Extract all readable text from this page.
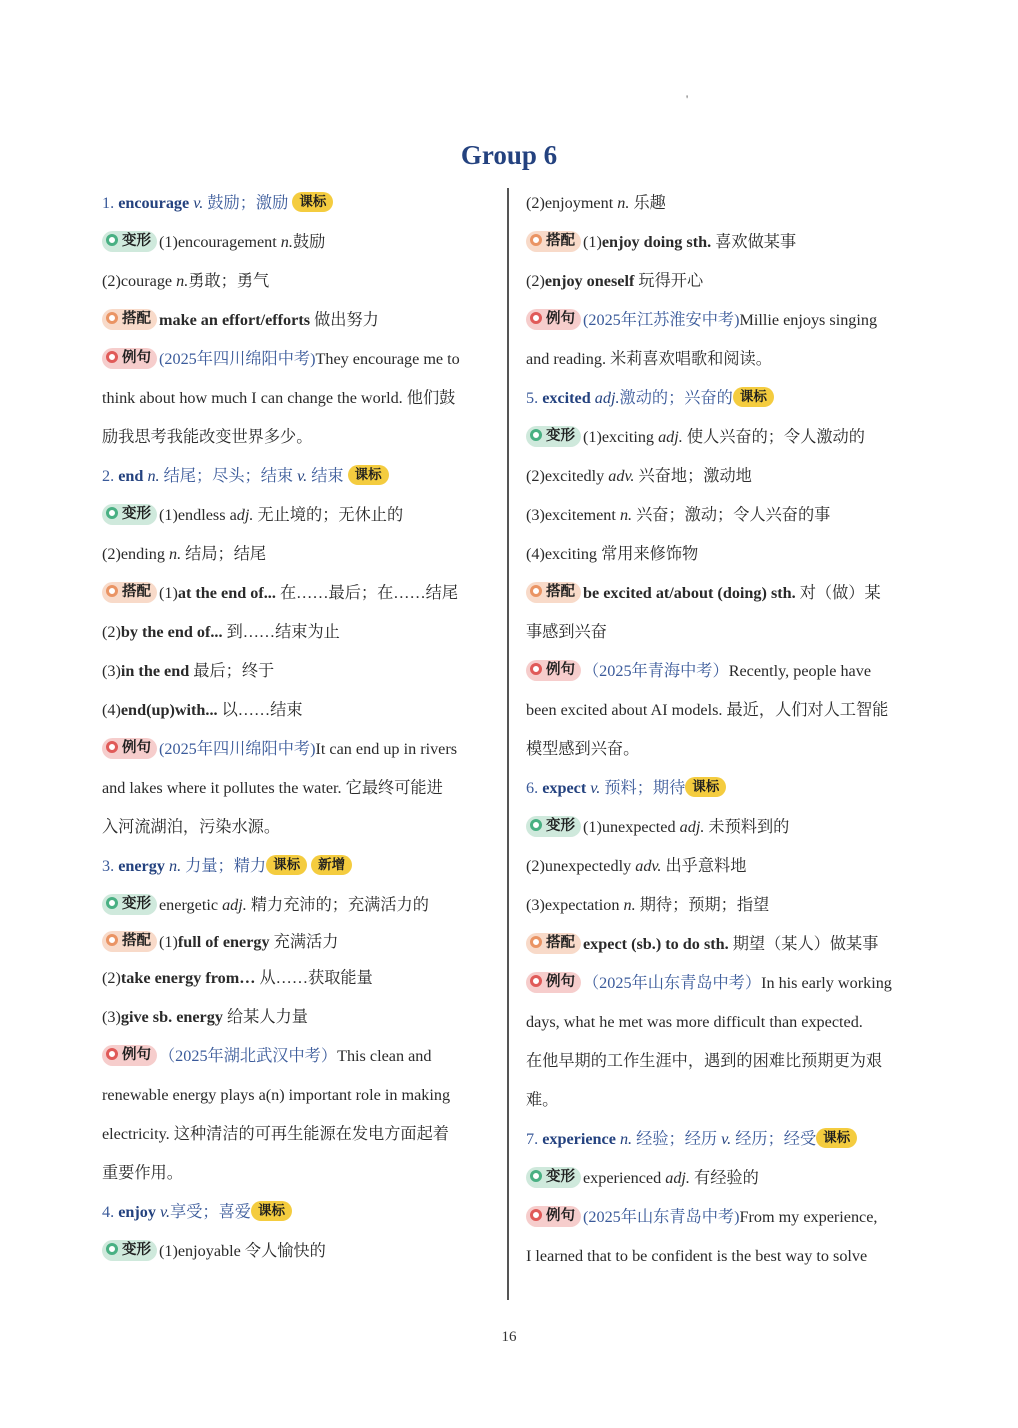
'
Group 6
1. encourage v. 鼓励；激励 课标
变形 (1)encouragement n.鼓励
(2)courage n.勇敢；勇气
搭配 make an effort/efforts 做出努力
例句 (2025年四川绵阳中考)They encourage me to
think about how much I can change the world. 他们鼓
励我思考我能改变世界多少。
2. end n. 结尾；尽头；结束 v. 结束 课标
变形 (1)endless adj. 无止境的；无休止的
(2)ending n. 结局；结尾
搭配 (1)at the end of... 在……最后；在……结尾
(2)by the end of... 到……结束为止
(3)in the end 最后；终于
(4)end(up)with... 以……结束
例句 (2025年四川绵阳中考)It can end up in rivers
and lakes where it pollutes the water. 它最终可能进
入河流湖泊，污染水源。
3. energy n. 力量；精力 课标 新增
变形 energetic adj. 精力充沛的；充满活力的
搭配 (1)full of energy 充满活力
(2)take energy from… 从……获取能量
(3)give sb. energy 给某人力量
例句 （2025年湖北武汉中考）This clean and
renewable energy plays a(n) important role in making
electricity. 这种清洁的可再生能源在发电方面起着
重要作用。
4. enjoy v.享受；喜爱 课标
变形 (1)enjoyable 令人愉快的
(2)enjoyment n. 乐趣
搭配 (1)enjoy doing sth. 喜欢做某事
(2)enjoy oneself 玩得开心
例句 (2025年江苏淮安中考)Millie enjoys singing
and reading. 米莉喜欢唱歌和阅读。
5. excited adj.激动的；兴奋的 课标
变形 (1)exciting adj. 使人兴奋的；令人激动的
(2)excitedly adv. 兴奋地；激动地
(3)excitement n. 兴奋；激动；令人兴奋的事
(4)exciting 常用来修饰物
搭配 be excited at/about (doing) sth. 对（做）某
事感到兴奋
例句 （2025年青海中考）Recently, people have
been excited about AI models. 最近，人们对人工智能
模型感到兴奋。
6. expect v. 预料；期待 课标
变形 (1)unexpected adj. 未预料到的
(2)unexpectedly adv. 出乎意料地
(3)expectation n. 期待；预期；指望
搭配 expect (sb.) to do sth. 期望（某人）做某事
例句 （2025年山东青岛中考）In his early working
days, what he met was more difficult than expected.
在他早期的工作生涯中，遇到的困难比预期更为艰
难。
7. experience n. 经验；经历 v. 经历；经受 课标
变形 experienced adj. 有经验的
例句 (2025年山东青岛中考)From my experience,
I learned that to be confident is the best way to solve
16
